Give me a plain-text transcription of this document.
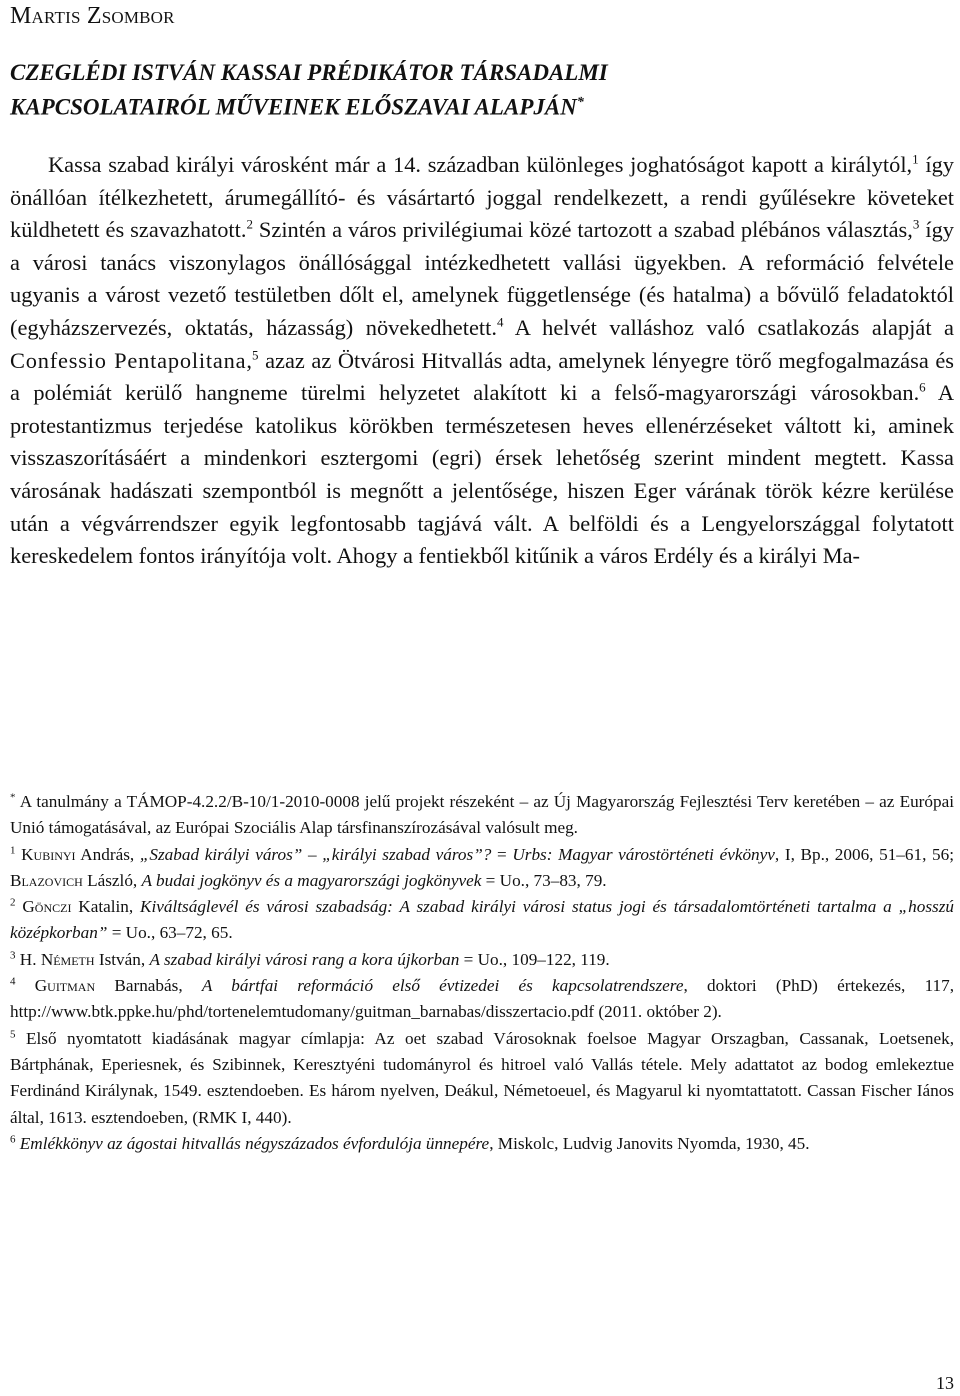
Martis Zsombor
CZEGLÉDI ISTVÁN KASSAI PRÉDIKÁTOR TÁRSADALMI
KAPCSOLATAIRÓL MŰVEINEK ELŐSZAVAI ALAPJÁN*

Kassa szabad királyi városként már a 14. században különleges joghatóságot kapott a királytól,$^1$ így önállóan ítélkezhetett, árumegállító- és vásártartó joggal rendelkezett, a rendi gyűlésekre követeket küldhetett és szavazhatott.$^2$ Szintén a város privilégiumai közé tartozott a szabad plébános választás,$^3$ így a városi tanács viszonylagos önállósággal intézkedhetett vallási ügyekben. A reformáció felvétele ugyanis a várost vezető testületben dőlt el, amelynek függetlensége (és hatalma) a bővülő feladatoktól (egyházszervezés, oktatás, házasság) növekedhetett.$^4$ A helvét valláshoz való csatlakozás alapját a Confessio Pentapolitana,$^5$ azaz az Ötvárosi Hitvallás adta, amelynek lényegre törő megfogalmazása és a polémiát kerülő hangneme türelmi helyzetet alakított ki a felső-magyarországi városokban.$^6$ A protestantizmus terjedése katolikus körökben természetesen heves ellenérzéseket váltott ki, aminek visszaszorításáért a mindenkori esztergomi (egri) érsek lehetőség szerint mindent megtett. Kassa városának hadászati szempontból is megnőtt a jelentősége, hiszen Eger várának török kézre kerülése után a végvárrendszer egyik legfontosabb tagjává vált. A belföldi és a Lengyelországgal folytatott kereskedelem fontos irányítója volt. Ahogy a fentiekből kitűnik a város Erdély és a királyi Ma-

* A tanulmány a TÁMOP-4.2.2/B-10/1-2010-0008 jelű projekt részeként – az Új Magyarország Fejlesztési Terv keretében – az Európai Unió támogatásával, az Európai Szociális Alap társfinanszírozásával valósult meg.

$^1$ Kubinyi András, „Szabad királyi város” – „királyi szabad város”? = Urbs: Magyar várostörténeti évkönyv, I, Bp., 2006, 51–61, 56; Blazovich László, A budai jogkönyv és a magyarországi jogkönyvek = Uo., 73–83, 79.

$^2$ Gönczi Katalin, Kiváltságlevél és városi szabadság: A szabad királyi városi status jogi és társadalomtörténeti tartalma a „hosszú középkorban” = Uo., 63–72, 65.

$^3$ H. Németh István, A szabad királyi városi rang a kora újkorban = Uo., 109–122, 119.

$^4$ Guitman Barnabás, A bártfai reformáció első évtizedei és kapcsolatrendszere, doktori (PhD) értekezés, 117, http://www.btk.ppke.hu/phd/tortenelemtudomany/guitman_barnabas/disszertacio.pdf (2011. október 2).

$^5$ Első nyomtatott kiadásának magyar címlapja: Az oet szabad Városoknak foelsoe Magyar Orszagban, Cassanak, Loetsenek, Bártphának, Eperiesnek, és Szibinnek, Keresztyéni tudományrol és hitroel való Vallás tétele. Mely adattatot az bodog emlekeztue Ferdinánd Királynak, 1549. esztendoeben. Es három nyelven, Deákul, Németoeuel, és Magyarul ki nyomtattatott. Cassan Fischer Iános által, 1613. esztendoeben, (RMK I, 440).

$^6$ Emlékkönyv az ágostai hitvallás négyszázados évfordulója ünnepére, Miskolc, Ludvig Janovits Nyomda, 1930, 45.

13
